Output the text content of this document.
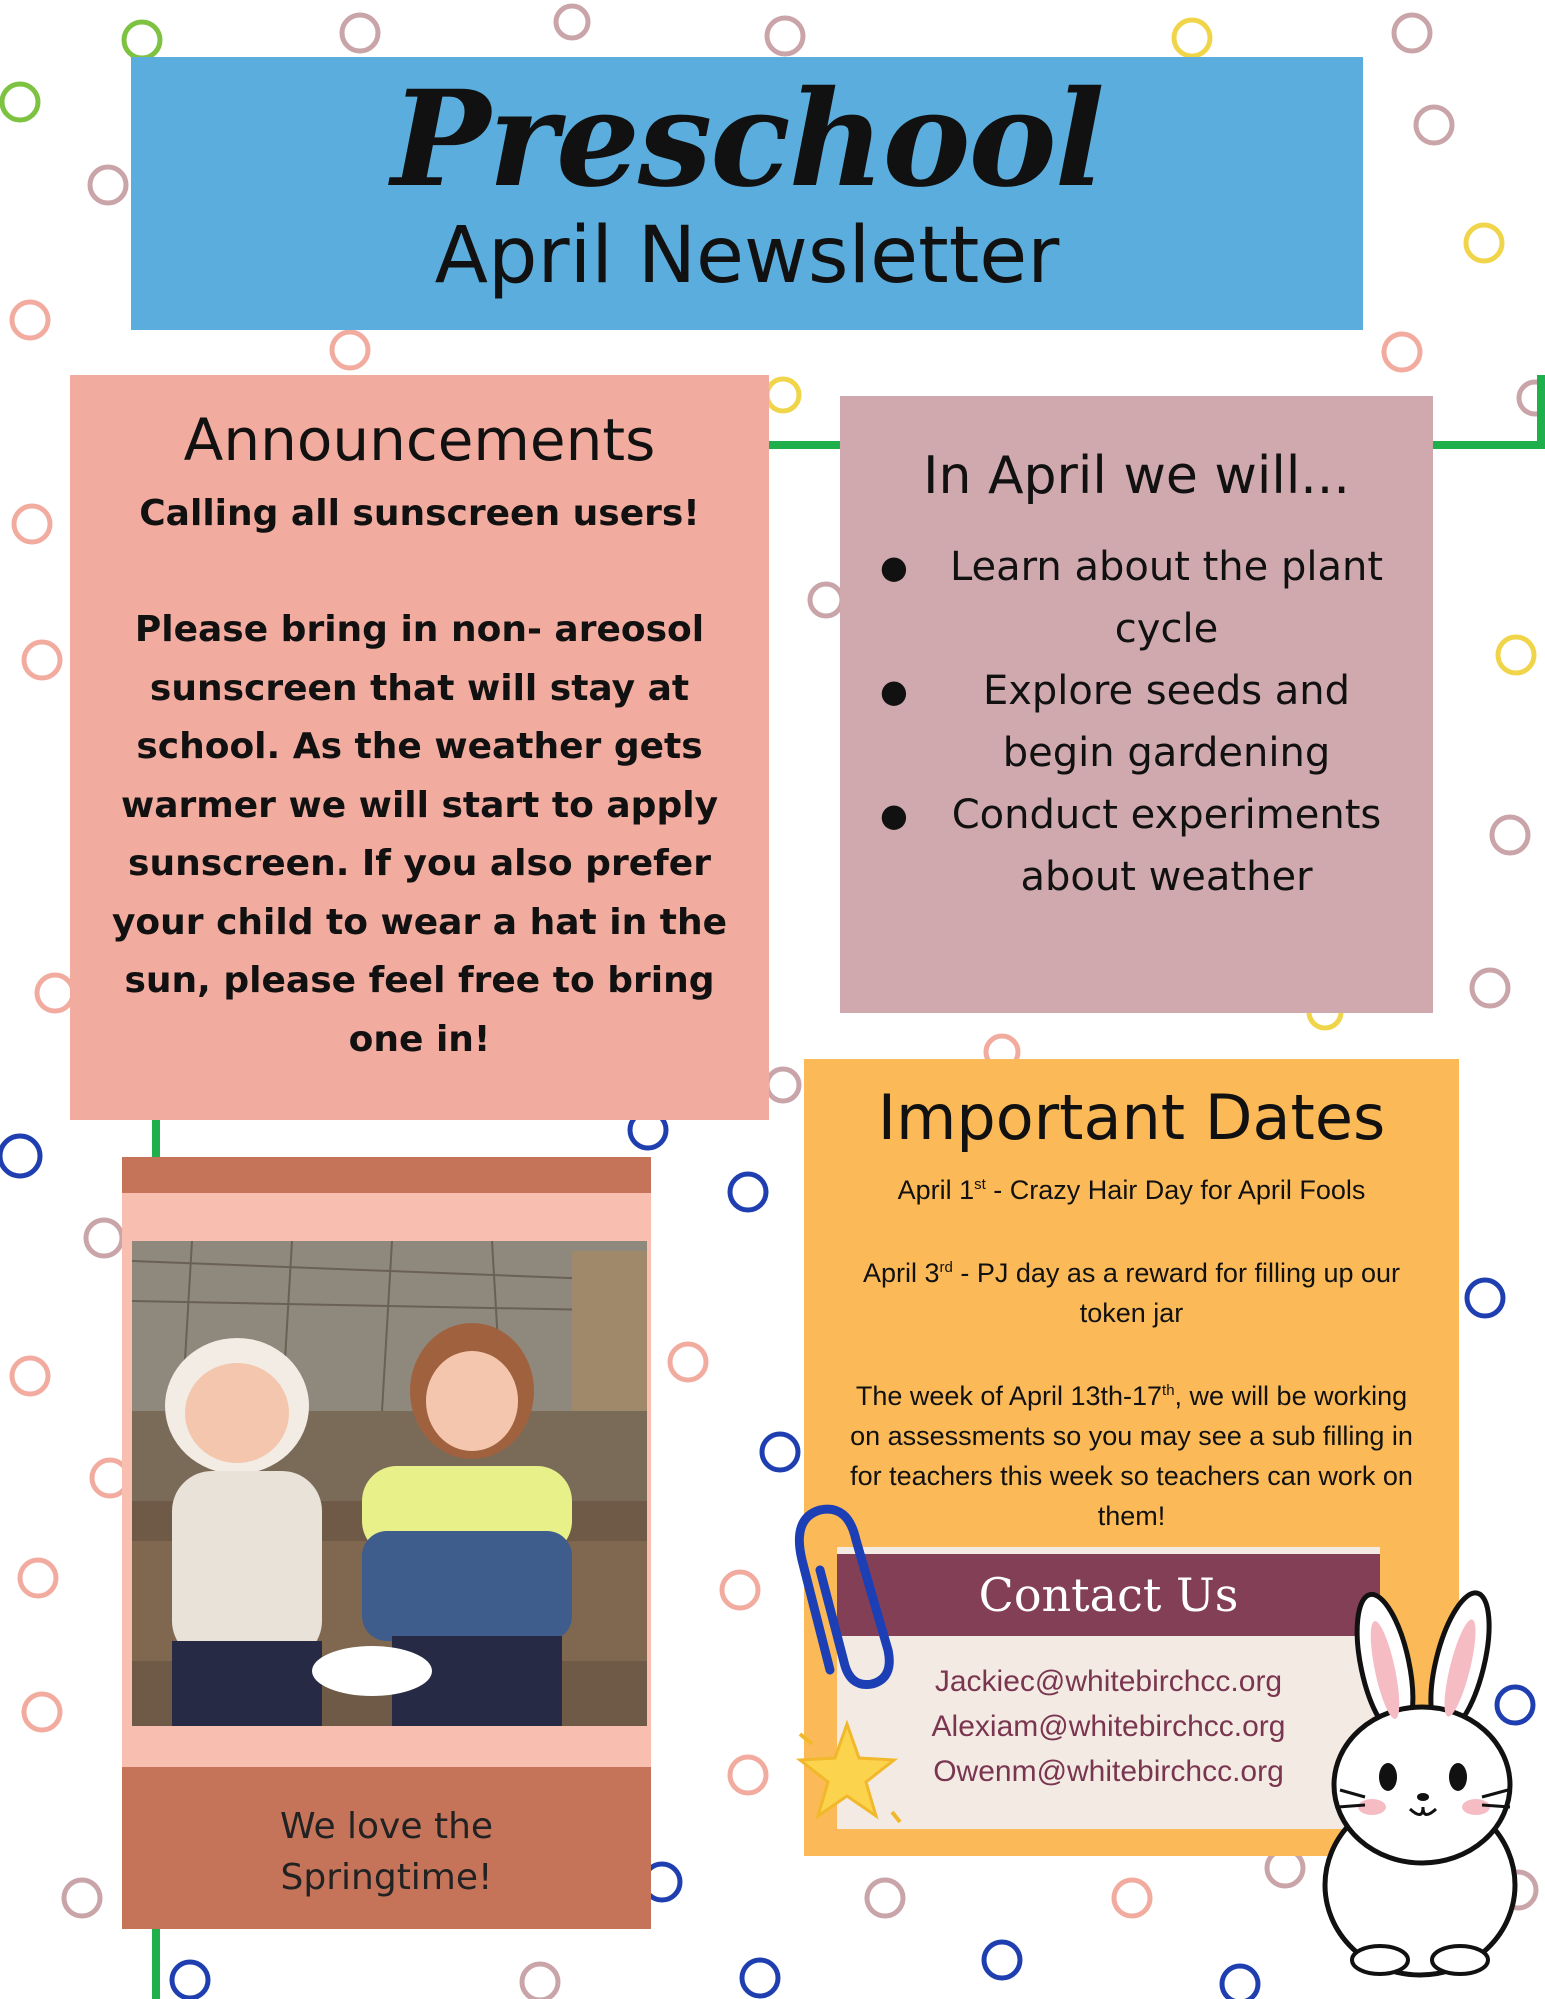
Preschool
April Newsletter
Announcements
Calling all sunscreen users!
Please bring in non- areosol sunscreen that will stay at school. As the weather gets warmer we will start to apply sunscreen. If you also prefer your child to wear a hat in the sun, please feel free to bring one in!
In April we will...
● Learn about the plant cycle
● Explore seeds and begin gardening
● Conduct experiments about weather
Important Dates
April 1st - Crazy Hair Day for April Fools
April 3rd - PJ day as a reward for filling up our token jar
The week of April 13th-17th, we will be working on assessments so you may see a sub filling in for teachers this week so teachers can work on them!
Contact Us
Jackiec@whitebirchcc.org
Alexiam@whitebirchcc.org
Owenm@whitebirchcc.org
We love the
Springtime!
